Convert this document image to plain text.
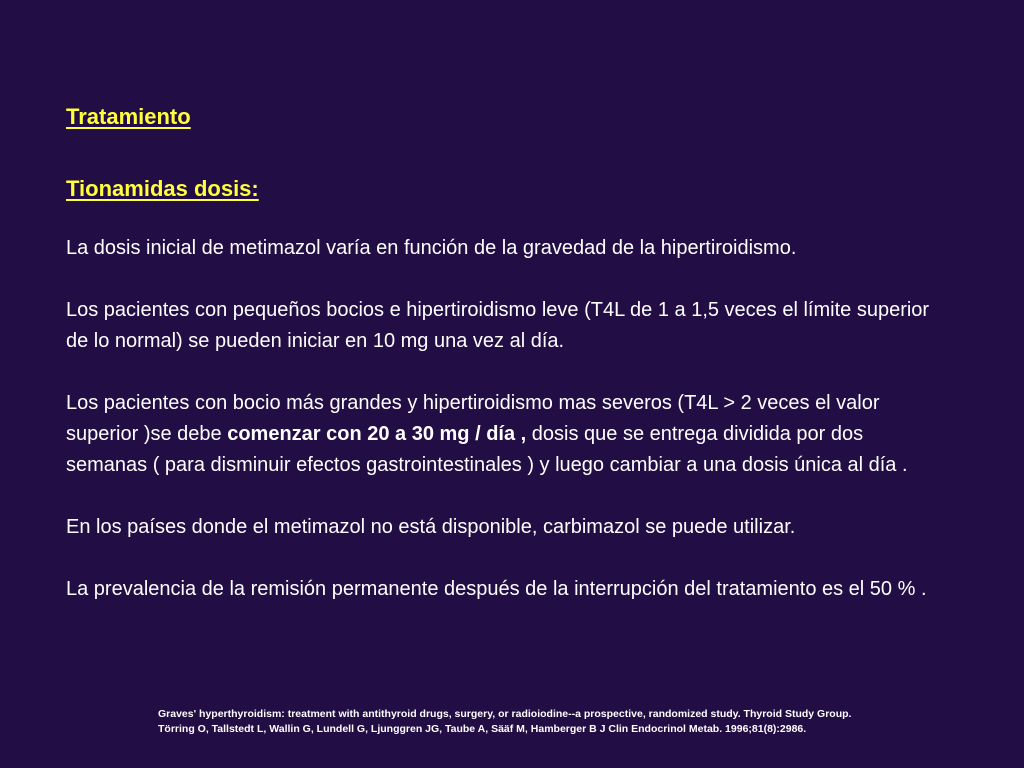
Tratamiento
Tionamidas dosis:

La dosis inicial de metimazol varía en función de la gravedad de la hipertiroidismo.

Los pacientes con pequeños bocios e hipertiroidismo leve (T4L de 1 a 1,5 veces el límite superior de lo normal) se pueden iniciar en 10 mg una vez al día.

Los pacientes con bocio más grandes y hipertiroidismo mas severos (T4L > 2 veces el valor superior )se debe comenzar con 20 a 30 mg / día , dosis que se entrega dividida por dos semanas ( para disminuir efectos gastrointestinales ) y luego cambiar a una dosis única al día .

En los países donde el metimazol no está disponible, carbimazol se puede utilizar.

La prevalencia de la remisión permanente después de la interrupción del tratamiento es el 50 % .

Graves' hyperthyroidism: treatment with antithyroid drugs, surgery, or radioiodine--a prospective, randomized study. Thyroid Study Group.
Törring O, Tallstedt L, Wallin G, Lundell G, Ljunggren JG, Taube A, Sääf M, Hamberger B J Clin Endocrinol Metab. 1996;81(8):2986.
